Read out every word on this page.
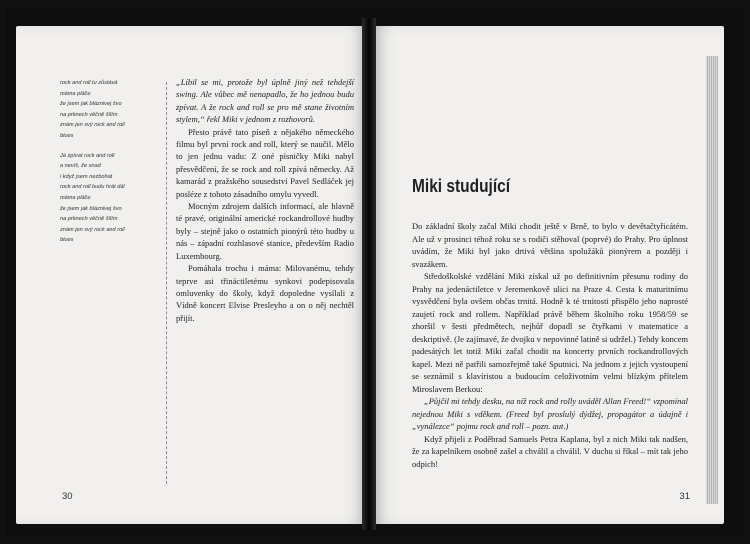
rock and roll tu zůstává
máma pláče
že jsem jak bláznivej švo
na prknech věčně šílím
znám jen svý rock and roll
blues
Já zpívat rock and roll
a nevíš, že snad
i když jsem nezbohat
rock and roll budu hrát dál
máma pláče
že jsem jak bláznivej švo
na prknech věčně šílím
znám jen svý rock and roll
blues

„Líbil se mi, protože byl úplně jiný než tehdejší swing. Ale vůbec mě nenapadlo, že ho jednou budu zpívat. A že rock and roll se pro mě stane životním stylem,“ řekl Miki v jednom z rozhovorů.

Přesto právě tato píseň z nějakého německého filmu byl první rock and roll, který se naučil. Mělo to jen jednu vadu: Z oné písničky Miki nabyl přesvědčení, že se rock and roll zpívá německy. Až kamarád z pražského sousedství Pavel Sedláček jej posléze z tohoto zásadního omylu vyvedl.

Mocným zdrojem dalších informací, ale hlavně té pravé, originální americké rockandrollové hudby byly – stejně jako o ostatních pionýrů této hudby u nás – západní rozhlasové stanice, především Radio Luxembourg.

Pomáhala trochu i máma: Milovanému, tehdy teprve asi třináctiletému synkovi podepisovala omluvenky do školy, když dopoledne vysílali z Vídně koncert Elvise Presleyho a on o něj nechtěl přijít.

30
Miki studující

Do základní školy začal Miki chodit ještě v Brně, to bylo v devětačtyřicátém. Ale už v prosinci téhož roku se s rodiči stěhoval (poprvé) do Prahy. Pro úplnost uvádím, že Miki byl jako drtivá většina spolužáků pionýrem a později i svazákem.

Středoškolské vzdělání Miki získal už po definitivním přesunu rodiny do Prahy na jedenáctiletce v Jeremenkově ulici na Praze 4. Cesta k maturitnímu vysvědčení byla ovšem občas trnitá. Hodně k té trnitosti přispělo jeho naprosté zaujetí rock and rollem. Například právě během školního roku 1958/59 se zhoršil v šesti předmětech, nejhůř dopadl se čtyřkami v matematice a deskriptivě. (Je zajímavé, že dvojku v nepovinné latině si udržel.) Tehdy koncem padesátých let totiž Miki začal chodit na koncerty prvních rockandrollových kapel. Mezi ně patřili samozřejmě také Sputnici. Na jednom z jejich vystoupení se seznámil s klavíristou a budoucím celoživotním velmi blízkým přítelem Miroslavem Berkou:

„Půjčil mi tehdy desku, na níž rock and rolly uváděl Allan Freed!“ vzpomínal nejednou Miki s vděkem. (Freed byl proslulý dýdžej, propagátor a údajně i „vynálezce“ pojmu rock and roll – pozn. aut.)

Když přijeli z Poděbrad Samuels Petra Kaplana, byl z nich Miki tak nadšen, že za kapelníkem osobně zašel a chválil a chválil. V duchu si říkal – mít tak jeho odpich!

31
